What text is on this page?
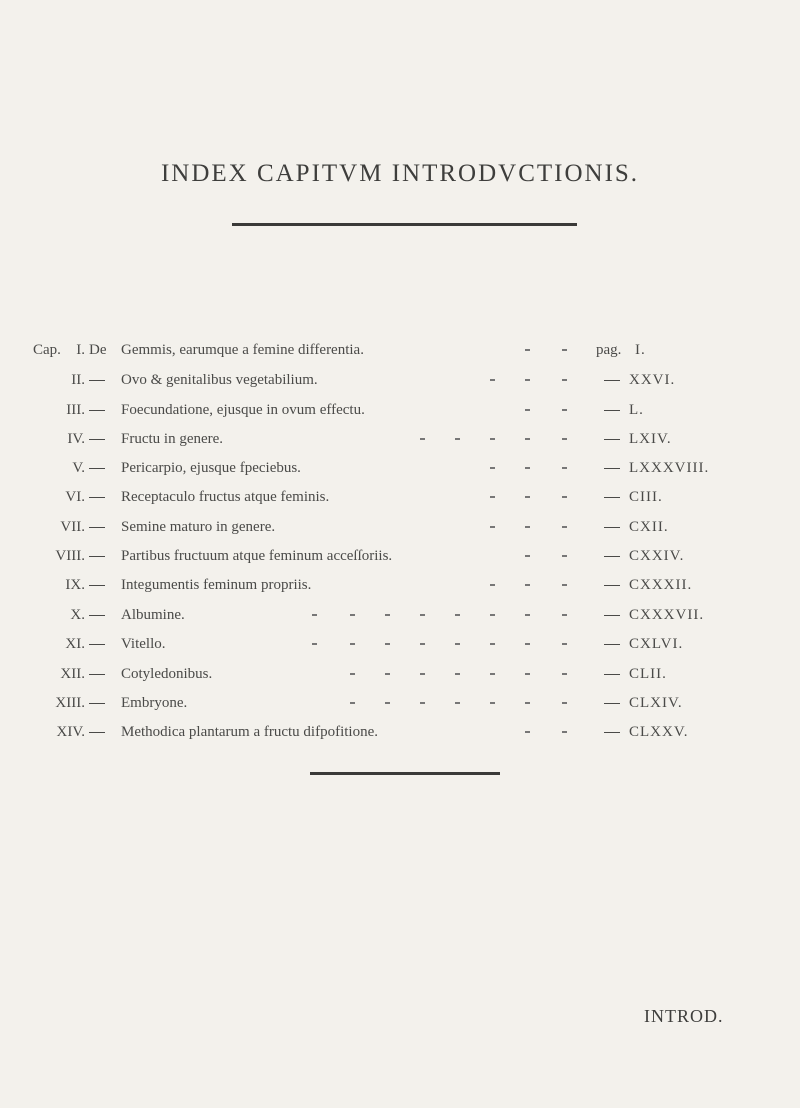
INDEX CAPITVM INTRODVCTIONIS.
Cap. I. De Gemmis, earumque a femine differentia.	pag. I.
II. Ovo & genitalibus vegetabilium.	XXVI.
III. Foecundatione, ejusque in ovum effectu.	L.
IV. Fructu in genere.	LXIV.
V. Pericarpio, ejusque fpeciebus.	LXXXVIII.
VI. Receptaculo fructus atque feminis.	CIII.
VII. Semine maturo in genere.	CXII.
VIII. Partibus fructuum atque feminum acceſſoriis.	CXXIV.
IX. Integumentis feminum propriis.	CXXXII.
X. Albumine.	CXXXVII.
XI. Vitello.	CXLVI.
XII. Cotyledonibus.	CLII.
XIII. Embryone.	CLXIV.
XIV. Methodica plantarum a fructu difpofitione.	CLXXV.
INTROD.
